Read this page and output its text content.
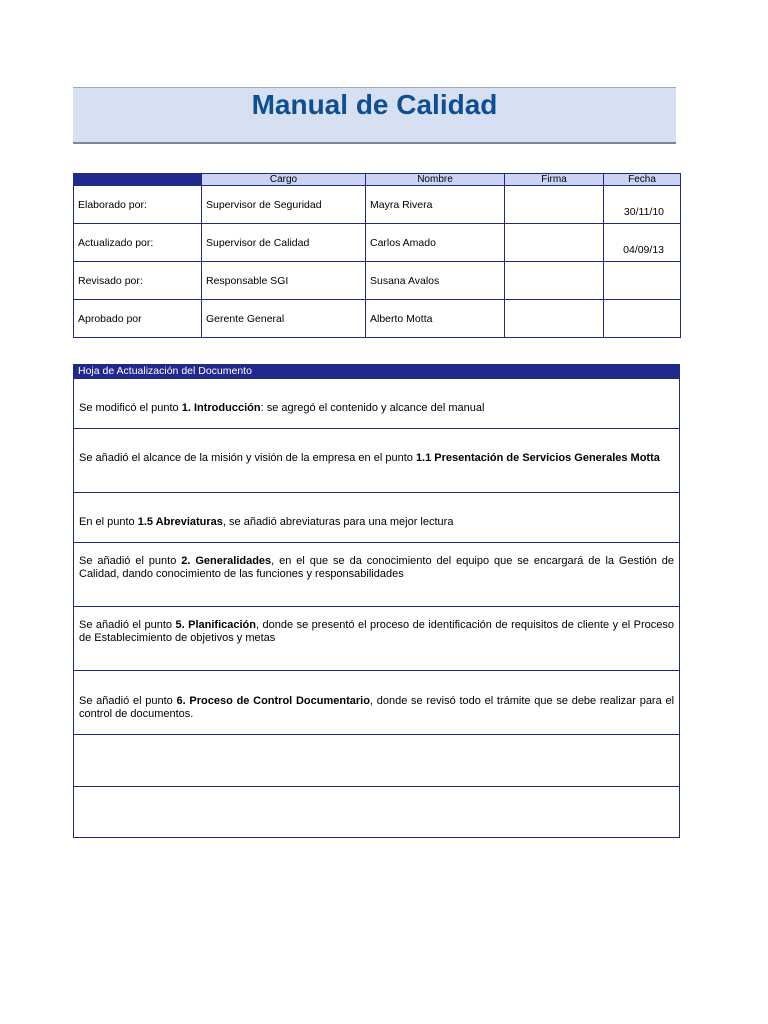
Manual de Calidad
	Cargo	Nombre	Firma	Fecha
Elaborado por:	Supervisor de Seguridad	Mayra Rivera		30/11/10
Actualizado por:	Supervisor de Calidad	Carlos Amado		04/09/13
Revisado por:	Responsable SGI	Susana Avalos		
Aprobado por	Gerente General	Alberto Motta		
Hoja de Actualización del Documento
Se modificó el punto 1. Introducción: se agregó el contenido y alcance del manual
Se añadió el alcance de la misión y visión de la empresa en el punto 1.1 Presentación de Servicios Generales Motta
En el punto 1.5 Abreviaturas, se añadió abreviaturas para una mejor lectura
Se añadió el punto 2. Generalidades, en el que se da conocimiento del equipo que se encargará de la Gestión de Calidad, dando conocimiento de las funciones y responsabilidades
Se añadió el punto 5. Planificación, donde se presentó el proceso de identificación de requisitos de cliente y el Proceso de Establecimiento de objetivos y metas
Se añadió el punto 6. Proceso de Control Documentario, donde se revisó todo el trámite que se debe realizar para el control de documentos.
